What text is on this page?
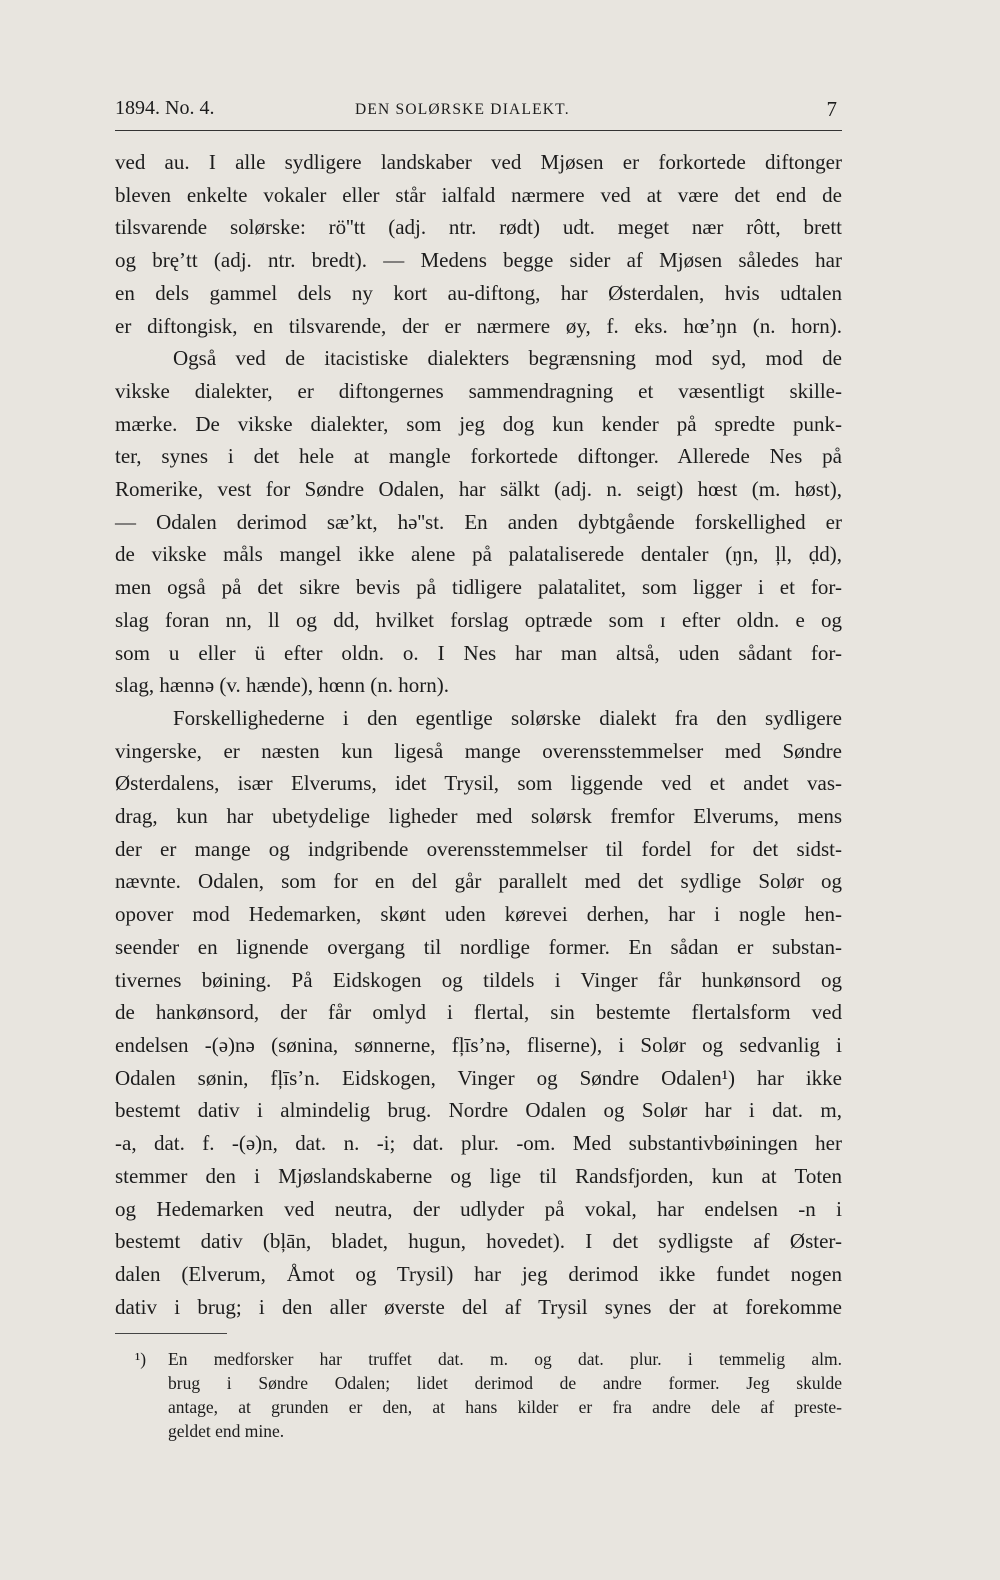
1894. No. 4.	DEN SOLØRSKE DIALEKT.	7
ved au. I alle sydligere landskaber ved Mjøsen er forkortede diftonger
bleven enkelte vokaler eller står ialfald nærmere ved at være det end de
tilsvarende solørske: rö''tt (adj. ntr. rødt) udt. meget nær rôtt, brett
og bręʼtt (adj. ntr. bredt). — Medens begge sider af Mjøsen således har
en dels gammel dels ny kort au-diftong, har Østerdalen, hvis udtalen
er diftongisk, en tilsvarende, der er nærmere øy, f. eks. hœʼŋn (n. horn).
Også ved de itacistiske dialekters begrænsning mod syd, mod de
vikske dialekter, er diftongernes sammendragning et væsentligt skille-
mærke. De vikske dialekter, som jeg dog kun kender på spredte punk-
ter, synes i det hele at mangle forkortede diftonger. Allerede Nes på
Romerike, vest for Søndre Odalen, har sälkt (adj. n. seigt) hœst (m. høst),
— Odalen derimod sæʼkt, hə''st. En anden dybtgående forskellighed er
de vikske måls mangel ikke alene på palataliserede dentaler (ŋn, ļl, ḍd),
men også på det sikre bevis på tidligere palatalitet, som ligger i et for-
slag foran nn, ll og dd, hvilket forslag optræde som ɪ efter oldn. e og
som u eller ü efter oldn. o. I Nes har man altså, uden sådant for-
slag, hænnə (v. hænde), hœnn (n. horn).
Forskellighederne i den egentlige solørske dialekt fra den sydligere
vingerske, er næsten kun ligeså mange overensstemmelser med Søndre
Østerdalens, især Elverums, idet Trysil, som liggende ved et andet vas-
drag, kun har ubetydelige ligheder med solørsk fremfor Elverums, mens
der er mange og indgribende overensstemmelser til fordel for det sidst-
nævnte. Odalen, som for en del går parallelt med det sydlige Solør og
opover mod Hedemarken, skønt uden kørevei derhen, har i nogle hen-
seender en lignende overgang til nordlige former. En sådan er substan-
tivernes bøining. På Eidskogen og tildels i Vinger får hunkønsord og
de hankønsord, der får omlyd i flertal, sin bestemte flertalsform ved
endelsen -(ə)nə (sønina, sønnerne, fļīsʼnə, fliserne), i Solør og sedvanlig i
Odalen sønin, fļīsʼn. Eidskogen, Vinger og Søndre Odalen¹) har ikke
bestemt dativ i almindelig brug. Nordre Odalen og Solør har i dat. m,
-a, dat. f. -(ə)n, dat. n. -i; dat. plur. -om. Med substantivbøiningen her
stemmer den i Mjøslandskaberne og lige til Randsfjorden, kun at Toten
og Hedemarken ved neutra, der udlyder på vokal, har endelsen -n i
bestemt dativ (bļān, bladet, hugun, hovedet). I det sydligste af Øster-
dalen (Elverum, Åmot og Trysil) har jeg derimod ikke fundet nogen
dativ i brug; i den aller øverste del af Trysil synes der at forekomme
¹) En medforsker har truffet dat. m. og dat. plur. i temmelig alm.
brug i Søndre Odalen; lidet derimod de andre former. Jeg skulde
antage, at grunden er den, at hans kilder er fra andre dele af preste-
geldet end mine.
